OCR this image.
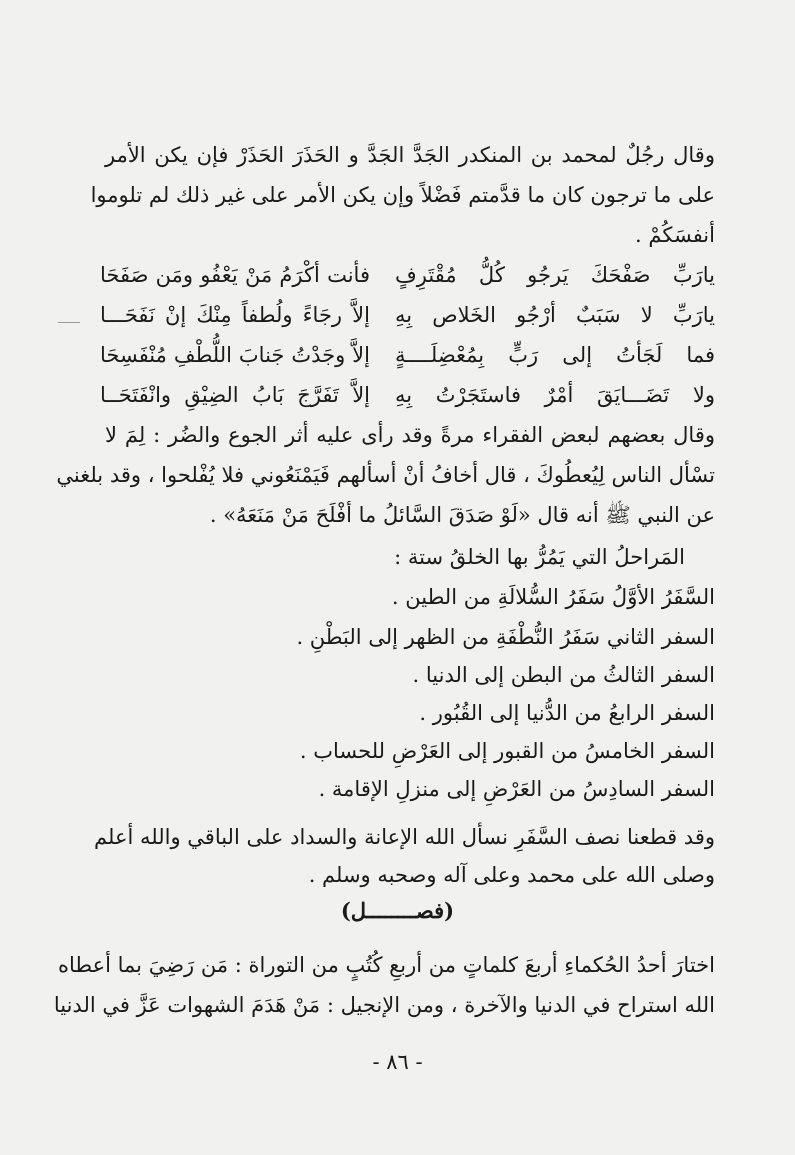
وقال رجُلٌ لمحمد بن المنكدر الجَدَّ الجَدَّ و الحَذَرَ الحَذَرْ فإن يكن الأمر
على ما ترجون كان ما قدَّمتم فَضْلاً وإن يكن الأمر على غير ذلك لم تلوموا
أنفسَكُمْ .
يارَبِّ صَفْحَكَ يَرجُو كُلُّ مُقْتَرِفٍ
فأنت أكْرَمُ مَنْ يَعْفُو ومَن صَفَحَا
يارَبِّ لا سَبَبٌ أرْجُو الخَلاص بِهِ
إلاَّ رجَاءً ولُطفاً مِنْكَ إنْ نَفَحَـــا
فما لَجَأتُ إلى رَبٍّ بِمُعْضِلَــــةٍ
إلاَّ وجَدْتُ جَنابَ اللُّطْفِ مُنْفَسِحَا
ولا تَضَـــايَقَ أمْرٌ فاستَجَرْتُ بِهِ
إلاَّ تَفَرَّجَ بَابُ الضِيْقِ وانْفَتَحَــا
وقال بعضهم لبعض الفقراء مرةً وقد رأى عليه أثر الجوع والضُر : لِمَ لا
تسْأل الناس لِيُعطُوكَ ، قال أخافُ أنْ أسألهم فَيَمْنَعُوني فلا يُفْلحوا ، وقد بلغني
عن النبي ﷺ أنه قال «لَوْ صَدَقَ السَّائلُ ما أفْلَحَ مَنْ مَنَعَهُ» .
المَراحلُ التي يَمُرُّ بها الخلقُ ستة :
السَّفَرُ الأوَّلُ سَفَرُ السُّلالَةِ من الطين .
السفر الثاني سَفَرُ النُّطْفَةِ من الظهر إلى البَطْنِ .
السفر الثالثُ من البطن إلى الدنيا .
السفر الرابعُ من الدُّنيا إلى القُبُور .
السفر الخامسُ من القبور إلى العَرْضِ للحساب .
السفر السادِسُ من العَرْضِ إلى منزلِ الإقامة .
وقد قطعنا نصف السَّفَرِ نسأل الله الإعانة والسداد على الباقي والله أعلم
وصلى الله على محمد وعلى آله وصحبه وسلم .
(فصــــــــل)
اختارَ أحدُ الحُكماءِ أربعَ كلماتٍ من أربعِ كُتُبٍ من التوراة : مَن رَضِيَ بما أعطاه
الله استراح في الدنيا والآخرة ، ومن الإنجيل : مَنْ هَدَمَ الشهوات عَزَّ في الدنيا
- ٨٦ -
